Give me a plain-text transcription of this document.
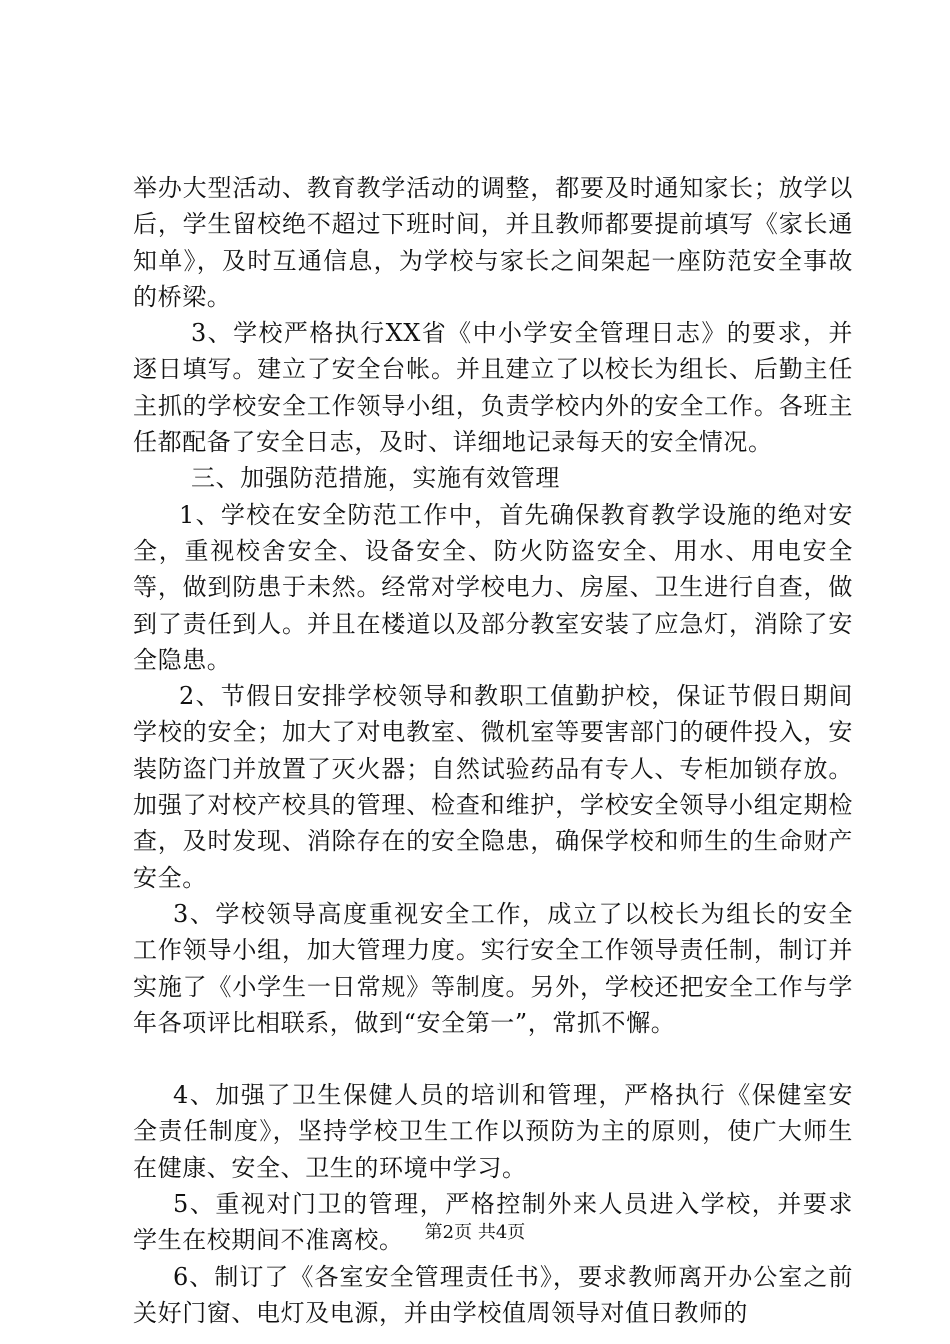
举办大型活动、教育教学活动的调整，都要及时通知家长；放学以后，学生留校绝不超过下班时间，并且教师都要提前填写《家长通知单》，及时互通信息，为学校与家长之间架起一座防范安全事故的桥梁。

3、学校严格执行XX省《中小学安全管理日志》的要求，并逐日填写。建立了安全台帐。并且建立了以校长为组长、后勤主任主抓的学校安全工作领导小组，负责学校内外的安全工作。各班主任都配备了安全日志，及时、详细地记录每天的安全情况。

三、加强防范措施，实施有效管理

1、学校在安全防范工作中，首先确保教育教学设施的绝对安全，重视校舍安全、设备安全、防火防盗安全、用水、用电安全等，做到防患于未然。经常对学校电力、房屋、卫生进行自查，做到了责任到人。并且在楼道以及部分教室安装了应急灯，消除了安全隐患。

2、节假日安排学校领导和教职工值勤护校，保证节假日期间学校的安全；加大了对电教室、微机室等要害部门的硬件投入，安装防盗门并放置了灭火器；自然试验药品有专人、专柜加锁存放。加强了对校产校具的管理、检查和维护，学校安全领导小组定期检查，及时发现、消除存在的安全隐患，确保学校和师生的生命财产安全。

3、学校领导高度重视安全工作，成立了以校长为组长的安全工作领导小组，加大管理力度。实行安全工作领导责任制，制订并实施了《小学生一日常规》等制度。另外，学校还把安全工作与学年各项评比相联系，做到“安全第一”，常抓不懈。

4、加强了卫生保健人员的培训和管理，严格执行《保健室安全责任制度》，坚持学校卫生工作以预防为主的原则，使广大师生在健康、安全、卫生的环境中学习。

5、重视对门卫的管理，严格控制外来人员进入学校，并要求学生在校期间不准离校。

6、制订了《各室安全管理责任书》，要求教师离开办公室之前关好门窗、电灯及电源，并由学校值周领导对值日教师的

第2页 共4页
